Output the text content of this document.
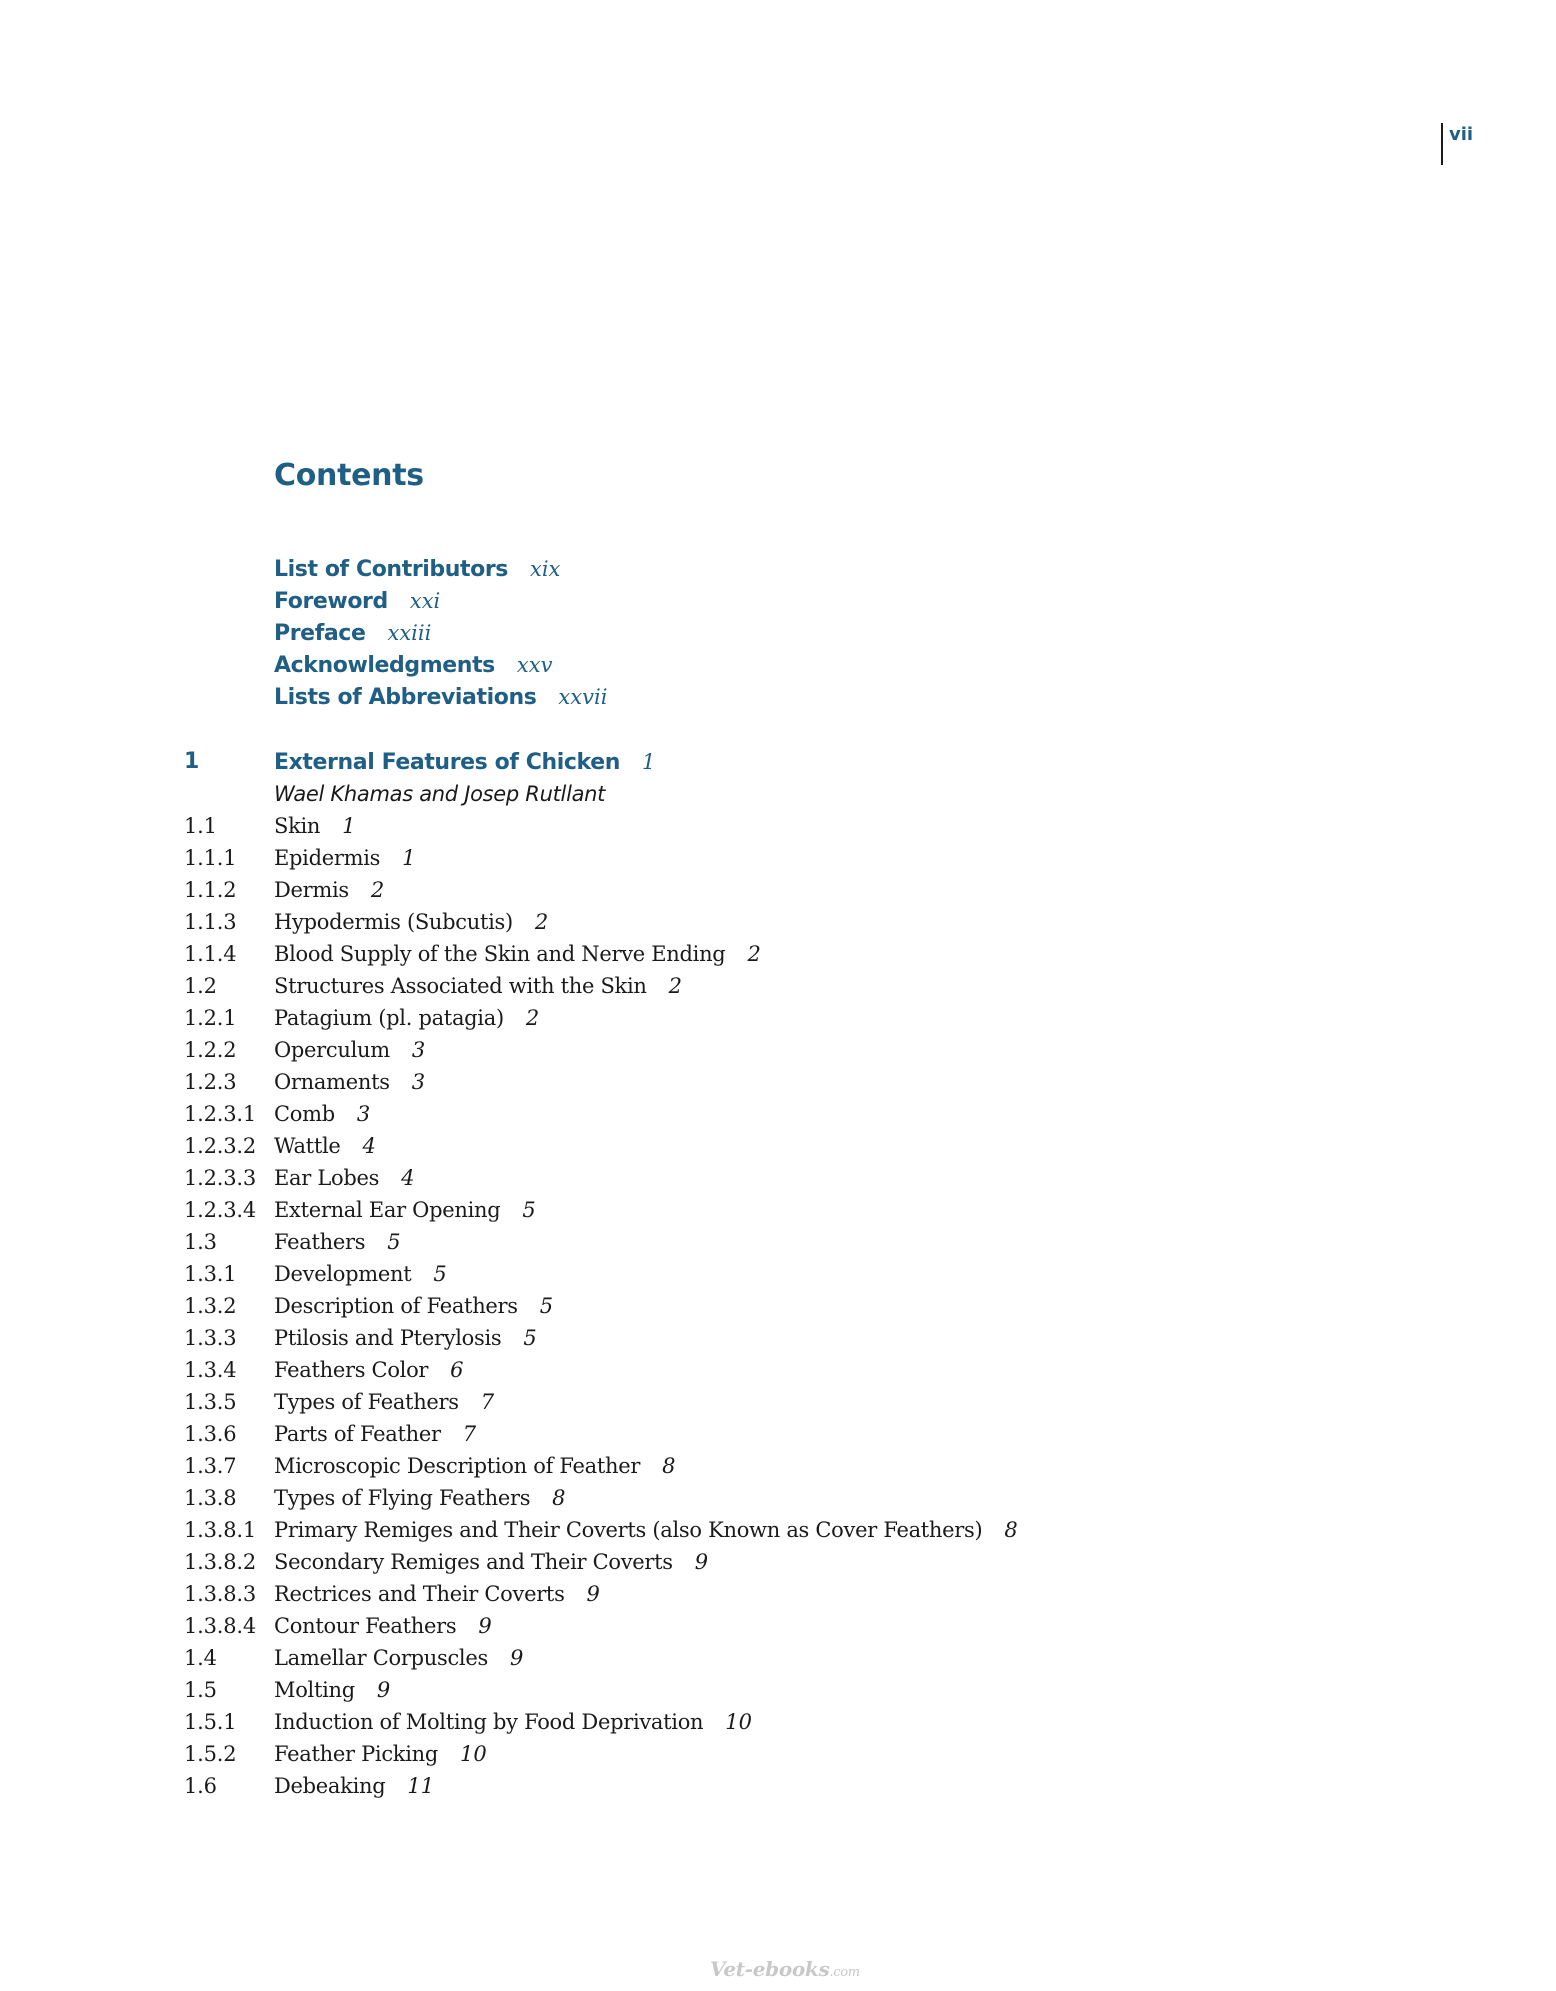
vii
Contents
List of Contributors xix
Foreword xxi
Preface xxiii
Acknowledgments xxv
Lists of Abbreviations xxvii
1	External Features of Chicken 1
Wael Khamas and Josep Rutllant
1.1	Skin 1
1.1.1 Epidermis 1
1.1.2 Dermis 2
1.1.3 Hypodermis (Subcutis) 2
1.1.4 Blood Supply of the Skin and Nerve Ending 2
1.2	Structures Associated with the Skin 2
1.2.1 Patagium (pl. patagia) 2
1.2.2 Operculum 3
1.2.3 Ornaments 3
1.2.3.1 Comb 3
1.2.3.2 Wattle 4
1.2.3.3 Ear Lobes 4
1.2.3.4 External Ear Opening 5
1.3	Feathers 5
1.3.1 Development 5
1.3.2 Description of Feathers 5
1.3.3 Ptilosis and Pterylosis 5
1.3.4 Feathers Color 6
1.3.5 Types of Feathers 7
1.3.6 Parts of Feather 7
1.3.7 Microscopic Description of Feather 8
1.3.8 Types of Flying Feathers 8
1.3.8.1 Primary Remiges and Their Coverts (also Known as Cover Feathers) 8
1.3.8.2 Secondary Remiges and Their Coverts 9
1.3.8.3 Rectrices and Their Coverts 9
1.3.8.4 Contour Feathers 9
1.4	Lamellar Corpuscles 9
1.5	Molting 9
1.5.1 Induction of Molting by Food Deprivation 10
1.5.2 Feather Picking 10
1.6	Debeaking 11
Vet-ebooks.com
